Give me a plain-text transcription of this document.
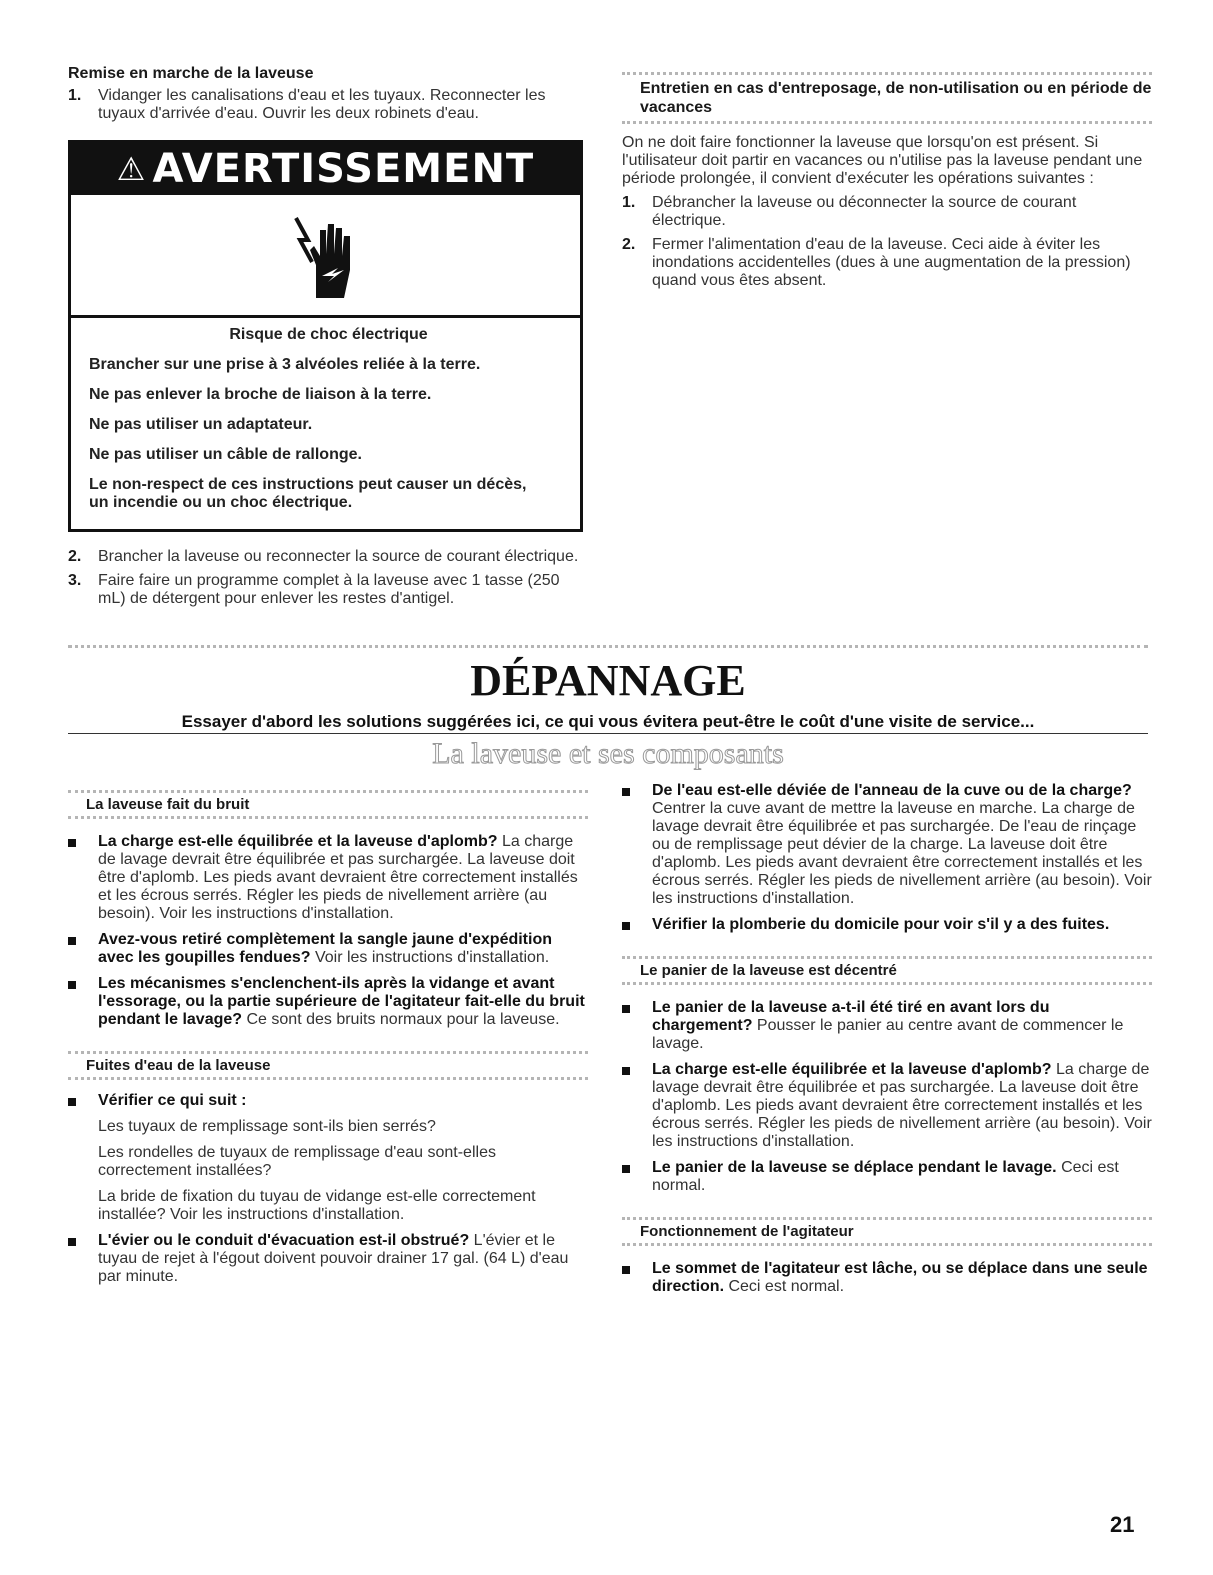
Remise en marche de la laveuse
1.	Vidanger les canalisations d'eau et les tuyaux. Reconnecter les tuyaux d'arrivée d'eau. Ouvrir les deux robinets d'eau.
⚠ AVERTISSEMENT

Risque de choc électrique

Brancher sur une prise à 3 alvéoles reliée à la terre.

Ne pas enlever la broche de liaison à la terre.

Ne pas utiliser un adaptateur.

Ne pas utiliser un câble de rallonge.

Le non-respect de ces instructions peut causer un décès, un incendie ou un choc électrique.

2.	Brancher la laveuse ou reconnecter la source de courant électrique.
3.	Faire faire un programme complet à la laveuse avec 1 tasse (250 mL) de détergent pour enlever les restes d'antigel.
Entretien en cas d'entreposage, de non-utilisation ou en période de vacances

On ne doit faire fonctionner la laveuse que lorsqu'on est présent. Si l'utilisateur doit partir en vacances ou n'utilise pas la laveuse pendant une période prolongée, il convient d'exécuter les opérations suivantes :

1.	Débrancher la laveuse ou déconnecter la source de courant électrique.
2.	Fermer l'alimentation d'eau de la laveuse. Ceci aide à éviter les inondations accidentelles (dues à une augmentation de la pression) quand vous êtes absent.
DÉPANNAGE
Essayer d'abord les solutions suggérées ici, ce qui vous évitera peut-être le coût d'une visite de service...
La laveuse et ses composants
La laveuse fait du bruit
La charge est-elle équilibrée et la laveuse d'aplomb? La charge de lavage devrait être équilibrée et pas surchargée. La laveuse doit être d'aplomb. Les pieds avant devraient être correctement installés et les écrous serrés. Régler les pieds de nivellement arrière (au besoin). Voir les instructions d'installation.
Avez-vous retiré complètement la sangle jaune d'expédition avec les goupilles fendues? Voir les instructions d'installation.
Les mécanismes s'enclenchent-ils après la vidange et avant l'essorage, ou la partie supérieure de l'agitateur fait-elle du bruit pendant le lavage? Ce sont des bruits normaux pour la laveuse.
Fuites d'eau de la laveuse
Vérifier ce qui suit :

Les tuyaux de remplissage sont-ils bien serrés?

Les rondelles de tuyaux de remplissage d'eau sont-elles correctement installées?

La bride de fixation du tuyau de vidange est-elle correctement installée? Voir les instructions d'installation.

L'évier ou le conduit d'évacuation est-il obstrué? L'évier et le tuyau de rejet à l'égout doivent pouvoir drainer 17 gal. (64 L) d'eau par minute.
De l'eau est-elle déviée de l'anneau de la cuve ou de la charge? Centrer la cuve avant de mettre la laveuse en marche. La charge de lavage devrait être équilibrée et pas surchargée. De l'eau de rinçage ou de remplissage peut dévier de la charge. La laveuse doit être d'aplomb. Les pieds avant devraient être correctement installés et les écrous serrés. Régler les pieds de nivellement arrière (au besoin). Voir les instructions d'installation.
Vérifier la plomberie du domicile pour voir s'il y a des fuites.
Le panier de la laveuse est décentré
Le panier de la laveuse a-t-il été tiré en avant lors du chargement? Pousser le panier au centre avant de commencer le lavage.
La charge est-elle équilibrée et la laveuse d'aplomb? La charge de lavage devrait être équilibrée et pas surchargée. La laveuse doit être d'aplomb. Les pieds avant devraient être correctement installés et les écrous serrés. Régler les pieds de nivellement arrière (au besoin). Voir les instructions d'installation.
Le panier de la laveuse se déplace pendant le lavage. Ceci est normal.
Fonctionnement de l'agitateur
Le sommet de l'agitateur est lâche, ou se déplace dans une seule direction. Ceci est normal.
21
